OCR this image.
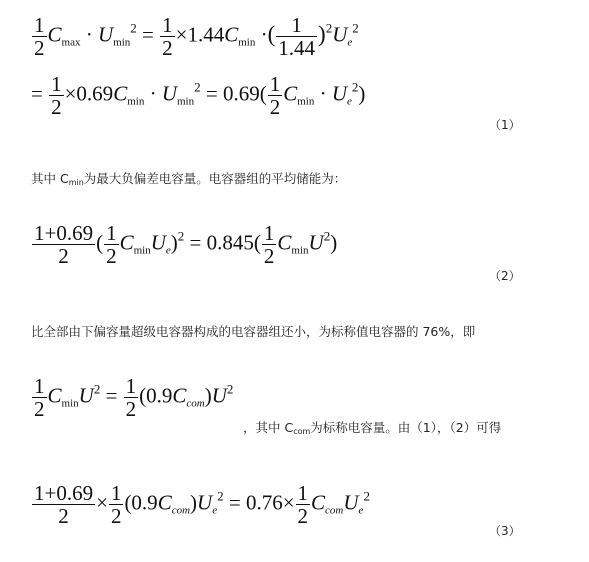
$\frac{1}{2}$ $Cmax \cdot Umin^2 = \frac{1}{2} \times 1.44Cmin$ ·( $\frac{1}{1.44} )^2Ue^2$
= $\frac{1}{2} \times 0.69Cmin \cdot Umin^2 = 0.69( \frac{1}{2}$ $Cmin \cdot Ue^2$)
（1）
其中 $C_{min}$为最大负偏差电容量。电容器组的平均储能为：
$\frac{1+0.69}{2}$ ( $\frac{1}{2}$ CminUe)$^2$ = $0.845( \frac{1}{2} CminU^2)$
（2）
比全部由下偏容量超级电容器构成的电容器组还小，为标称值电容器的 76%，即
$\frac{1}{2} CminU^2 = \frac{1}{2}$ $(0.9Ccom)U^2$
，其中 $C_{com}$为标称电容量。由（1），（2）可得
$\frac{1+0.69}{2} \times \frac{1}{2}$ $(0.9Ccom)Ue^2 = 0.76\times \frac{1}{2}$ CcomUe$^2$
（3）
